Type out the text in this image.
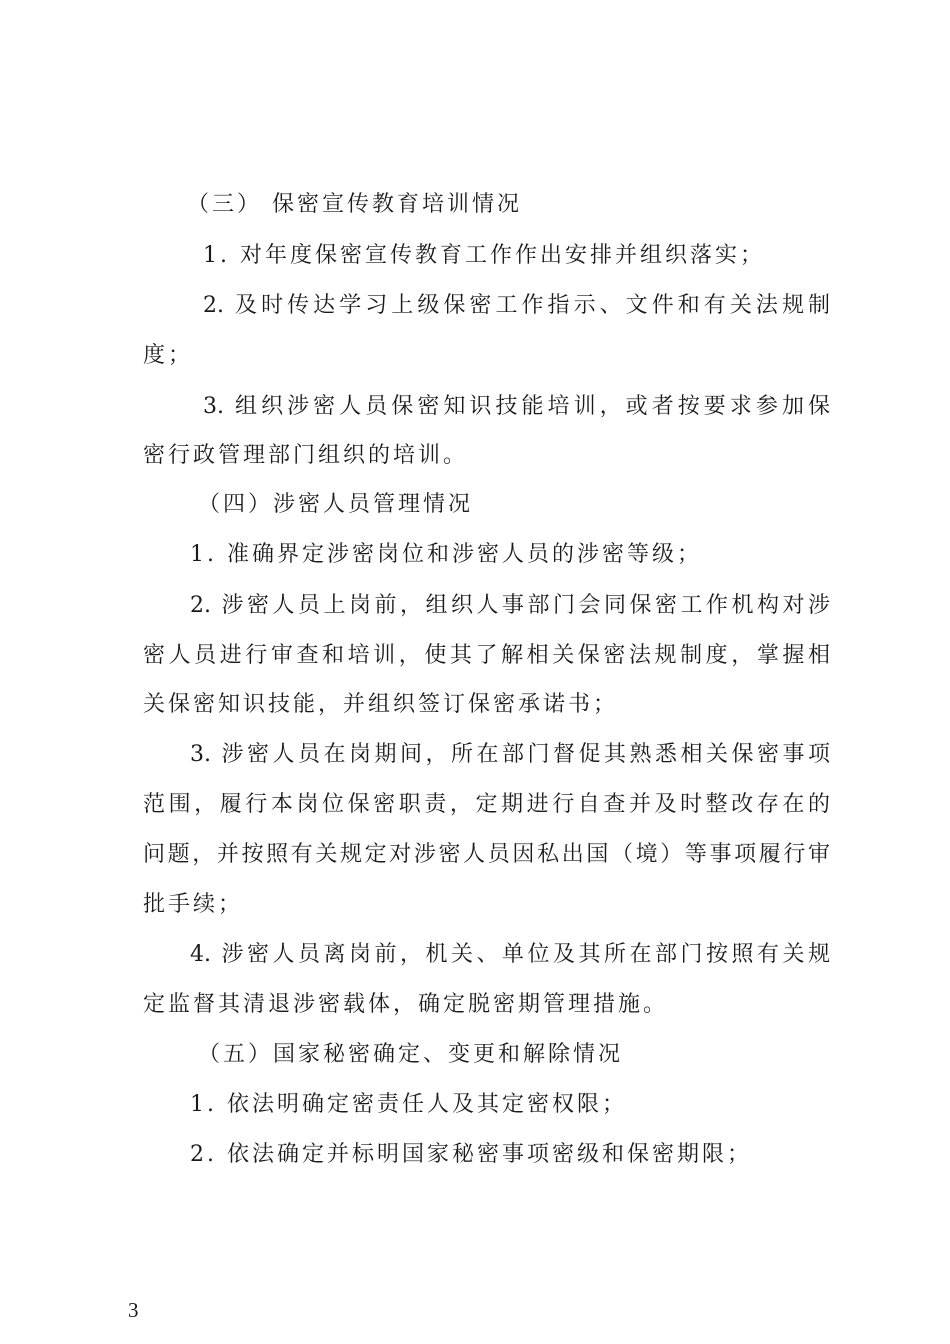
（三） 保密宣传教育培训情况
1. 对年度保密宣传教育工作作出安排并组织落实；
2. 及时传达学习上级保密工作指示、文件和有关法规制
度；
3. 组织涉密人员保密知识技能培训，或者按要求参加保
密行政管理部门组织的培训。
（四）涉密人员管理情况
1. 准确界定涉密岗位和涉密人员的涉密等级；
2. 涉密人员上岗前，组织人事部门会同保密工作机构对涉
密人员进行审查和培训，使其了解相关保密法规制度，掌握相
关保密知识技能，并组织签订保密承诺书；
3. 涉密人员在岗期间，所在部门督促其熟悉相关保密事项
范围，履行本岗位保密职责，定期进行自查并及时整改存在的
问题，并按照有关规定对涉密人员因私出国（境）等事项履行审
批手续；
4. 涉密人员离岗前，机关、单位及其所在部门按照有关规
定监督其清退涉密载体，确定脱密期管理措施。
（五）国家秘密确定、变更和解除情况
1. 依法明确定密责任人及其定密权限；
2. 依法确定并标明国家秘密事项密级和保密期限；
3
